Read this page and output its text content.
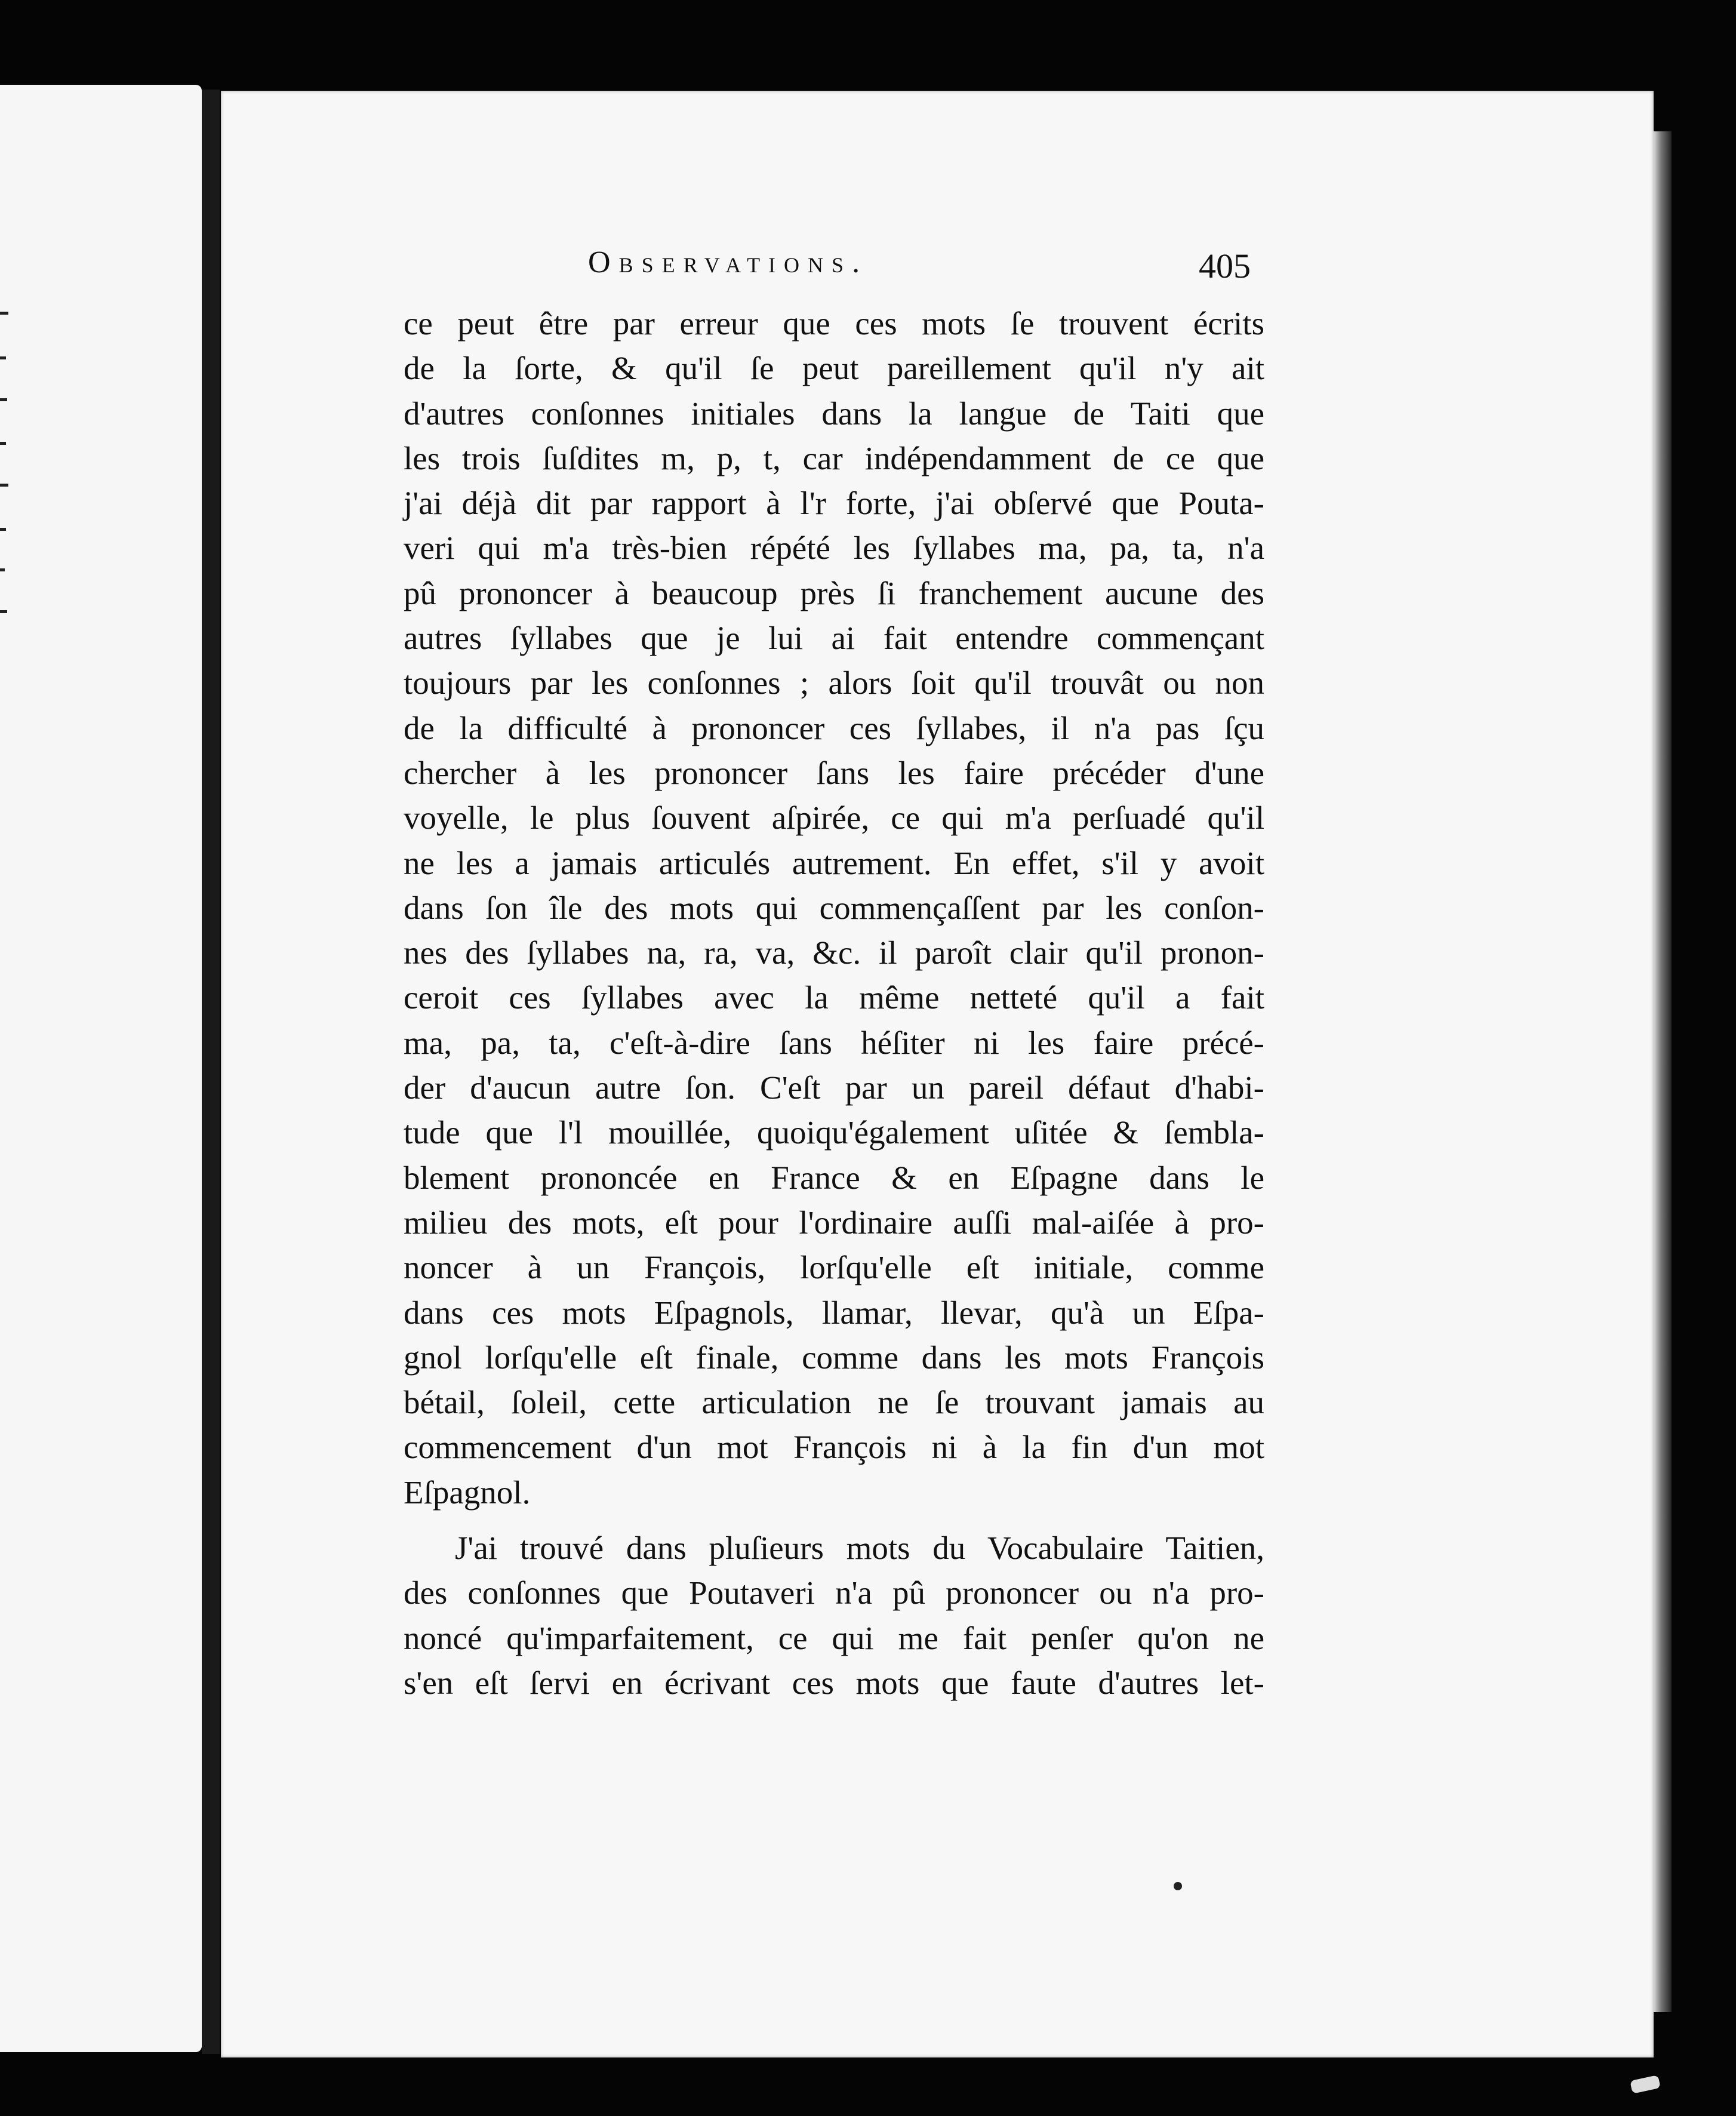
Observations.	405
ce peut être par erreur que ces mots ſe trouvent écrits
de la ſorte, & qu'il ſe peut pareillement qu'il n'y ait
d'autres conſonnes initiales dans la langue de Taiti que
les trois ſuſdites m, p, t, car indépendamment de ce que
j'ai déjà dit par rapport à l'r forte, j'ai obſervé que Pouta-
veri qui m'a très-bien répété les ſyllabes ma, pa, ta, n'a
pû prononcer à beaucoup près ſi franchement aucune des
autres ſyllabes que je lui ai fait entendre commençant
toujours par les conſonnes ; alors ſoit qu'il trouvât ou non
de la difficulté à prononcer ces ſyllabes, il n'a pas ſçu
chercher à les prononcer ſans les faire précéder d'une
voyelle, le plus ſouvent aſpirée, ce qui m'a perſuadé qu'il
ne les a jamais articulés autrement. En effet, s'il y avoit
dans ſon île des mots qui commençaſſent par les conſon-
nes des ſyllabes na, ra, va, &c. il paroît clair qu'il pronon-
ceroit ces ſyllabes avec la même netteté qu'il a fait
ma, pa, ta, c'eſt-à-dire ſans héſiter ni les faire précé-
der d'aucun autre ſon. C'eſt par un pareil défaut d'habi-
tude que l'l mouillée, quoiqu'également uſitée & ſembla-
blement prononcée en France & en Eſpagne dans le
milieu des mots, eſt pour l'ordinaire auſſi mal-aiſée à pro-
noncer à un François, lorſqu'elle eſt initiale, comme
dans ces mots Eſpagnols, llamar, llevar, qu'à un Eſpa-
gnol lorſqu'elle eſt finale, comme dans les mots François
bétail, ſoleil, cette articulation ne ſe trouvant jamais au
commencement d'un mot François ni à la fin d'un mot
Eſpagnol.
J'ai trouvé dans pluſieurs mots du Vocabulaire Taitien,
des conſonnes que Poutaveri n'a pû prononcer ou n'a pro-
noncé qu'imparfaitement, ce qui me fait penſer qu'on ne
s'en eſt ſervi en écrivant ces mots que faute d'autres let-
